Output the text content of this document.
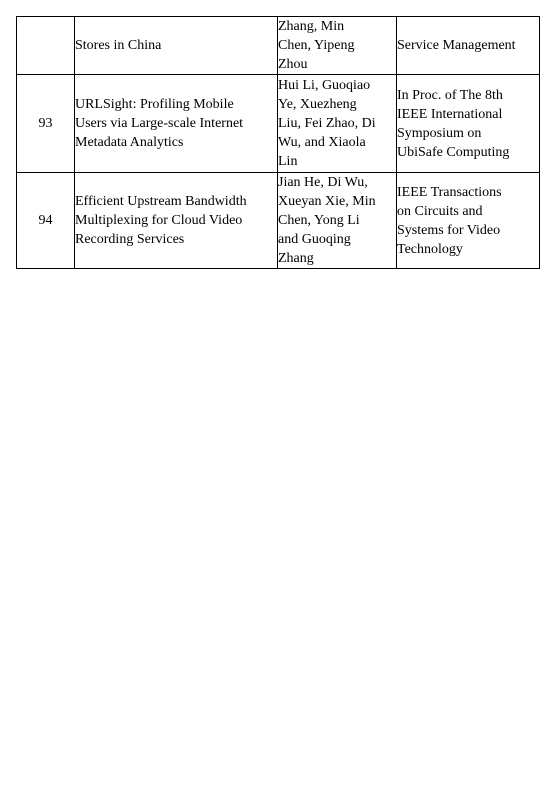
	Stores in China	Zhang, Min
Chen, Yipeng
Zhou	Service Management

93	URLSight: Profiling Mobile
Users via Large-scale Internet
Metadata Analytics	Hui Li, Guoqiao
Ye, Xuezheng
Liu, Fei Zhao, Di
Wu, and Xiaola
Lin	In Proc. of The 8th
IEEE International
Symposium on
UbiSafe Computing

94	Efficient Upstream Bandwidth
Multiplexing for Cloud Video
Recording Services	Jian He, Di Wu,
Xueyan Xie, Min
Chen, Yong Li
and Guoqing
Zhang	IEEE Transactions
on Circuits and
Systems for Video
Technology
